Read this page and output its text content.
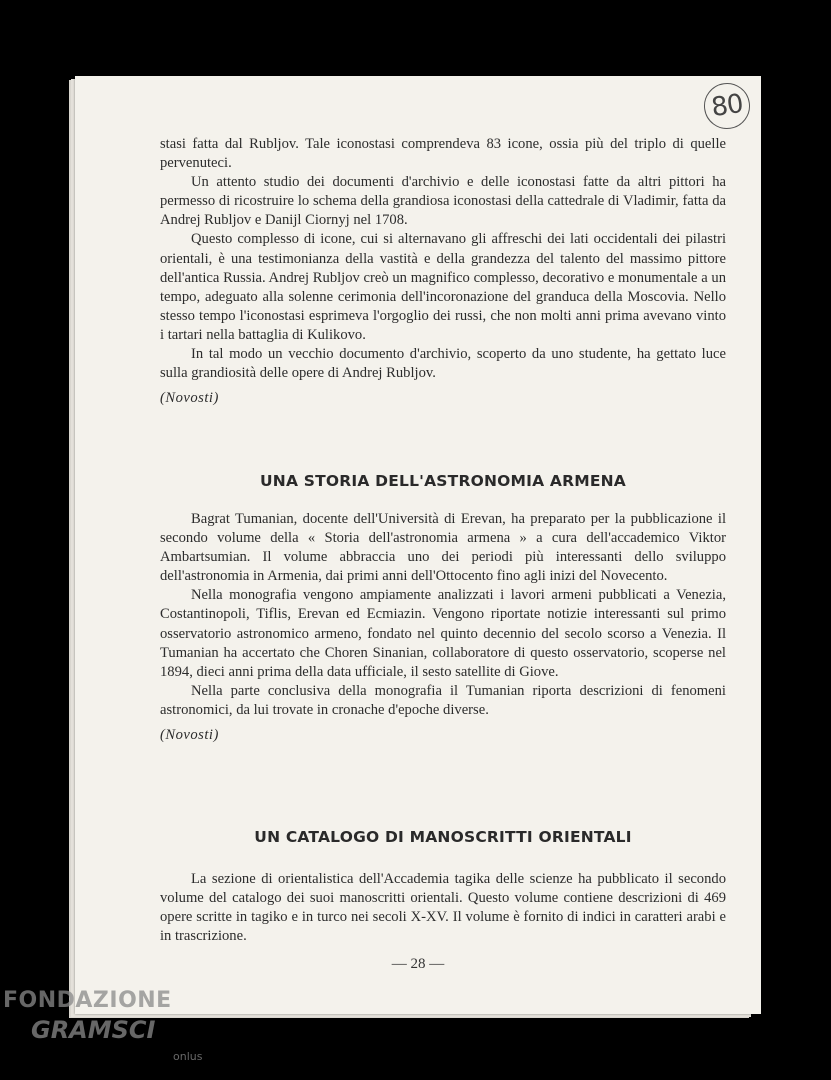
80

stasi fatta dal Rubljov. Tale iconostasi comprendeva 83 icone, ossia più del triplo di quelle pervenuteci.

Un attento studio dei documenti d'archivio e delle iconostasi fatte da altri pittori ha permesso di ricostruire lo schema della grandiosa iconostasi della cattedrale di Vladimir, fatta da Andrej Rubljov e Danijl Ciornyj nel 1708.

Questo complesso di icone, cui si alternavano gli affreschi dei lati occidentali dei pilastri orientali, è una testimonianza della vastità e della grandezza del talento del massimo pittore dell'antica Russia. Andrej Rubljov creò un magnifico complesso, decorativo e monumentale a un tempo, adeguato alla solenne cerimonia dell'incoronazione del granduca della Moscovia. Nello stesso tempo l'iconostasi esprimeva l'orgoglio dei russi, che non molti anni prima avevano vinto i tartari nella battaglia di Kulikovo.

In tal modo un vecchio documento d'archivio, scoperto da uno studente, ha gettato luce sulla grandiosità delle opere di Andrej Rubljov.

(Novosti)

UNA STORIA DELL'ASTRONOMIA ARMENA

Bagrat Tumanian, docente dell'Università di Erevan, ha preparato per la pubblicazione il secondo volume della « Storia dell'astronomia armena » a cura dell'accademico Viktor Ambartsumian. Il volume abbraccia uno dei periodi più interessanti dello sviluppo dell'astronomia in Armenia, dai primi anni dell'Ottocento fino agli inizi del Novecento.

Nella monografia vengono ampiamente analizzati i lavori armeni pubblicati a Venezia, Costantinopoli, Tiflis, Erevan ed Ecmiazin. Vengono riportate notizie interessanti sul primo osservatorio astronomico armeno, fondato nel quinto decennio del secolo scorso a Venezia. Il Tumanian ha accertato che Choren Sinanian, collaboratore di questo osservatorio, scoperse nel 1894, dieci anni prima della data ufficiale, il sesto satellite di Giove.

Nella parte conclusiva della monografia il Tumanian riporta descrizioni di fenomeni astronomici, da lui trovate in cronache d'epoche diverse.

(Novosti)

UN CATALOGO DI MANOSCRITTI ORIENTALI

La sezione di orientalistica dell'Accademia tagika delle scienze ha pubblicato il secondo volume del catalogo dei suoi manoscritti orientali. Questo volume contiene descrizioni di 469 opere scritte in tagiko e in turco nei secoli X-XV. Il volume è fornito di indici in caratteri arabi e in trascrizione.

— 28 —
FONDAZIONE
GRAMSCI
onlus
